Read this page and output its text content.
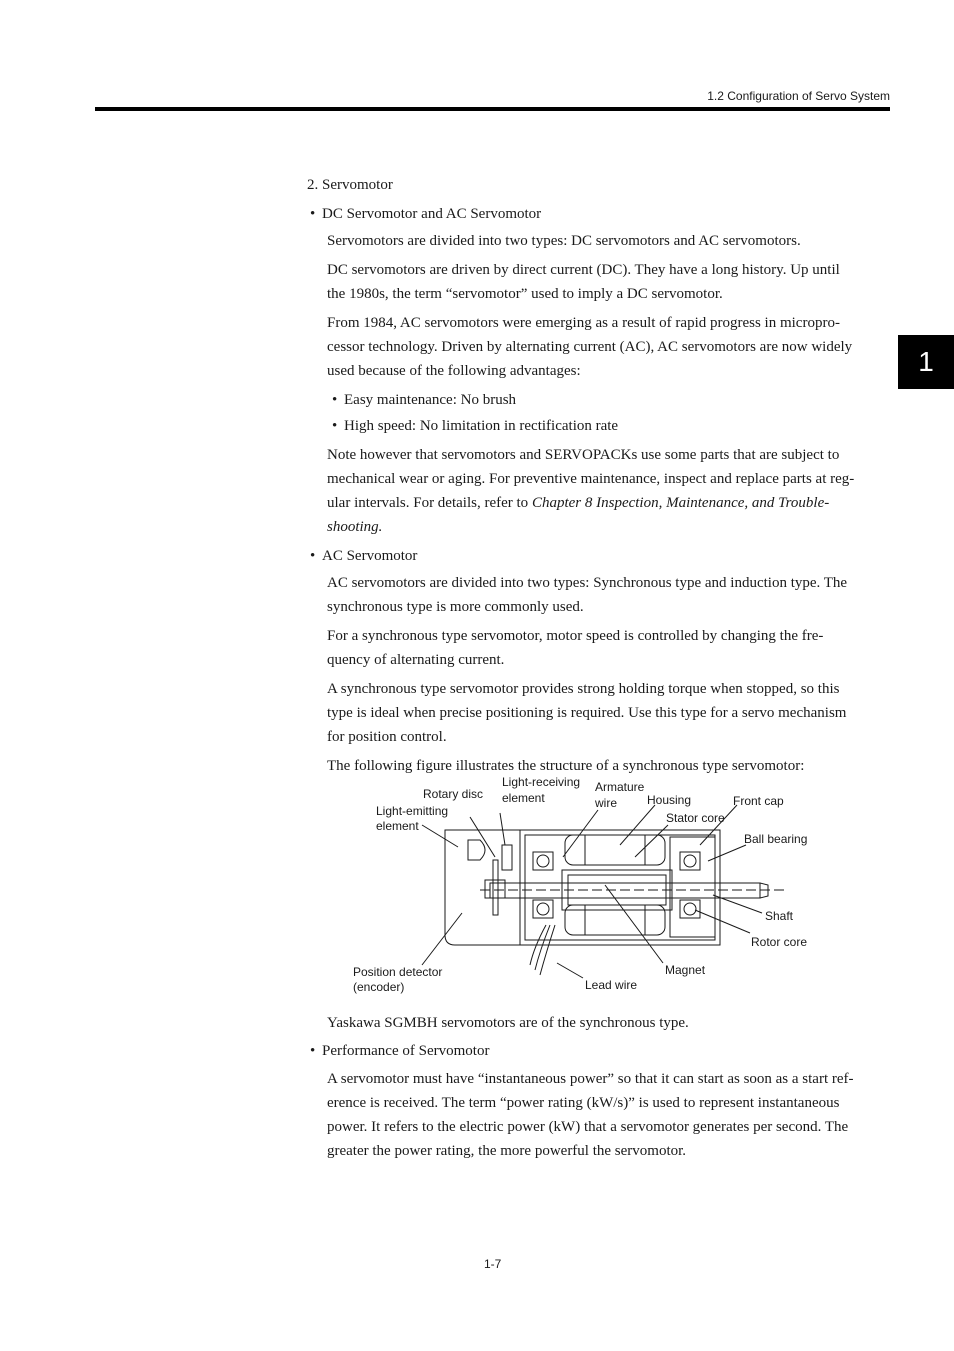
1.2 Configuration of Servo System
1
2. Servomotor
• DC Servomotor and AC Servomotor
Servomotors are divided into two types: DC servomotors and AC servomotors.
DC servomotors are driven by direct current (DC). They have a long history. Up until
the 1980s, the term “servomotor” used to imply a DC servomotor.
From 1984, AC servomotors were emerging as a result of rapid progress in micropro-
cessor technology. Driven by alternating current (AC), AC servomotors are now widely
used because of the following advantages:
• Easy maintenance: No brush
• High speed: No limitation in rectification rate
Note however that servomotors and SERVOPACKs use some parts that are subject to
mechanical wear or aging. For preventive maintenance, inspect and replace parts at reg-
ular intervals. For details, refer to Chapter 8 Inspection, Maintenance, and Trouble-
shooting.
• AC Servomotor
AC servomotors are divided into two types: Synchronous type and induction type. The
synchronous type is more commonly used.
For a synchronous type servomotor, motor speed is controlled by changing the fre-
quency of alternating current.
A synchronous type servomotor provides strong holding torque when stopped, so this
type is ideal when precise positioning is required. Use this type for a servo mechanism
for position control.
The following figure illustrates the structure of a synchronous type servomotor:
Rotary disc
Light-receiving
element
Armature
wire Housing	Front cap
Light-emitting
element
Stator core
Ball bearing
Shaft
Rotor core
Position detector
(encoder)
Magnet
Lead wire
Yaskawa SGMBH servomotors are of the synchronous type.
• Performance of Servomotor
A servomotor must have “instantaneous power” so that it can start as soon as a start ref-
erence is received. The term “power rating (kW/s)” is used to represent instantaneous
power. It refers to the electric power (kW) that a servomotor generates per second. The
greater the power rating, the more powerful the servomotor.
1-7
